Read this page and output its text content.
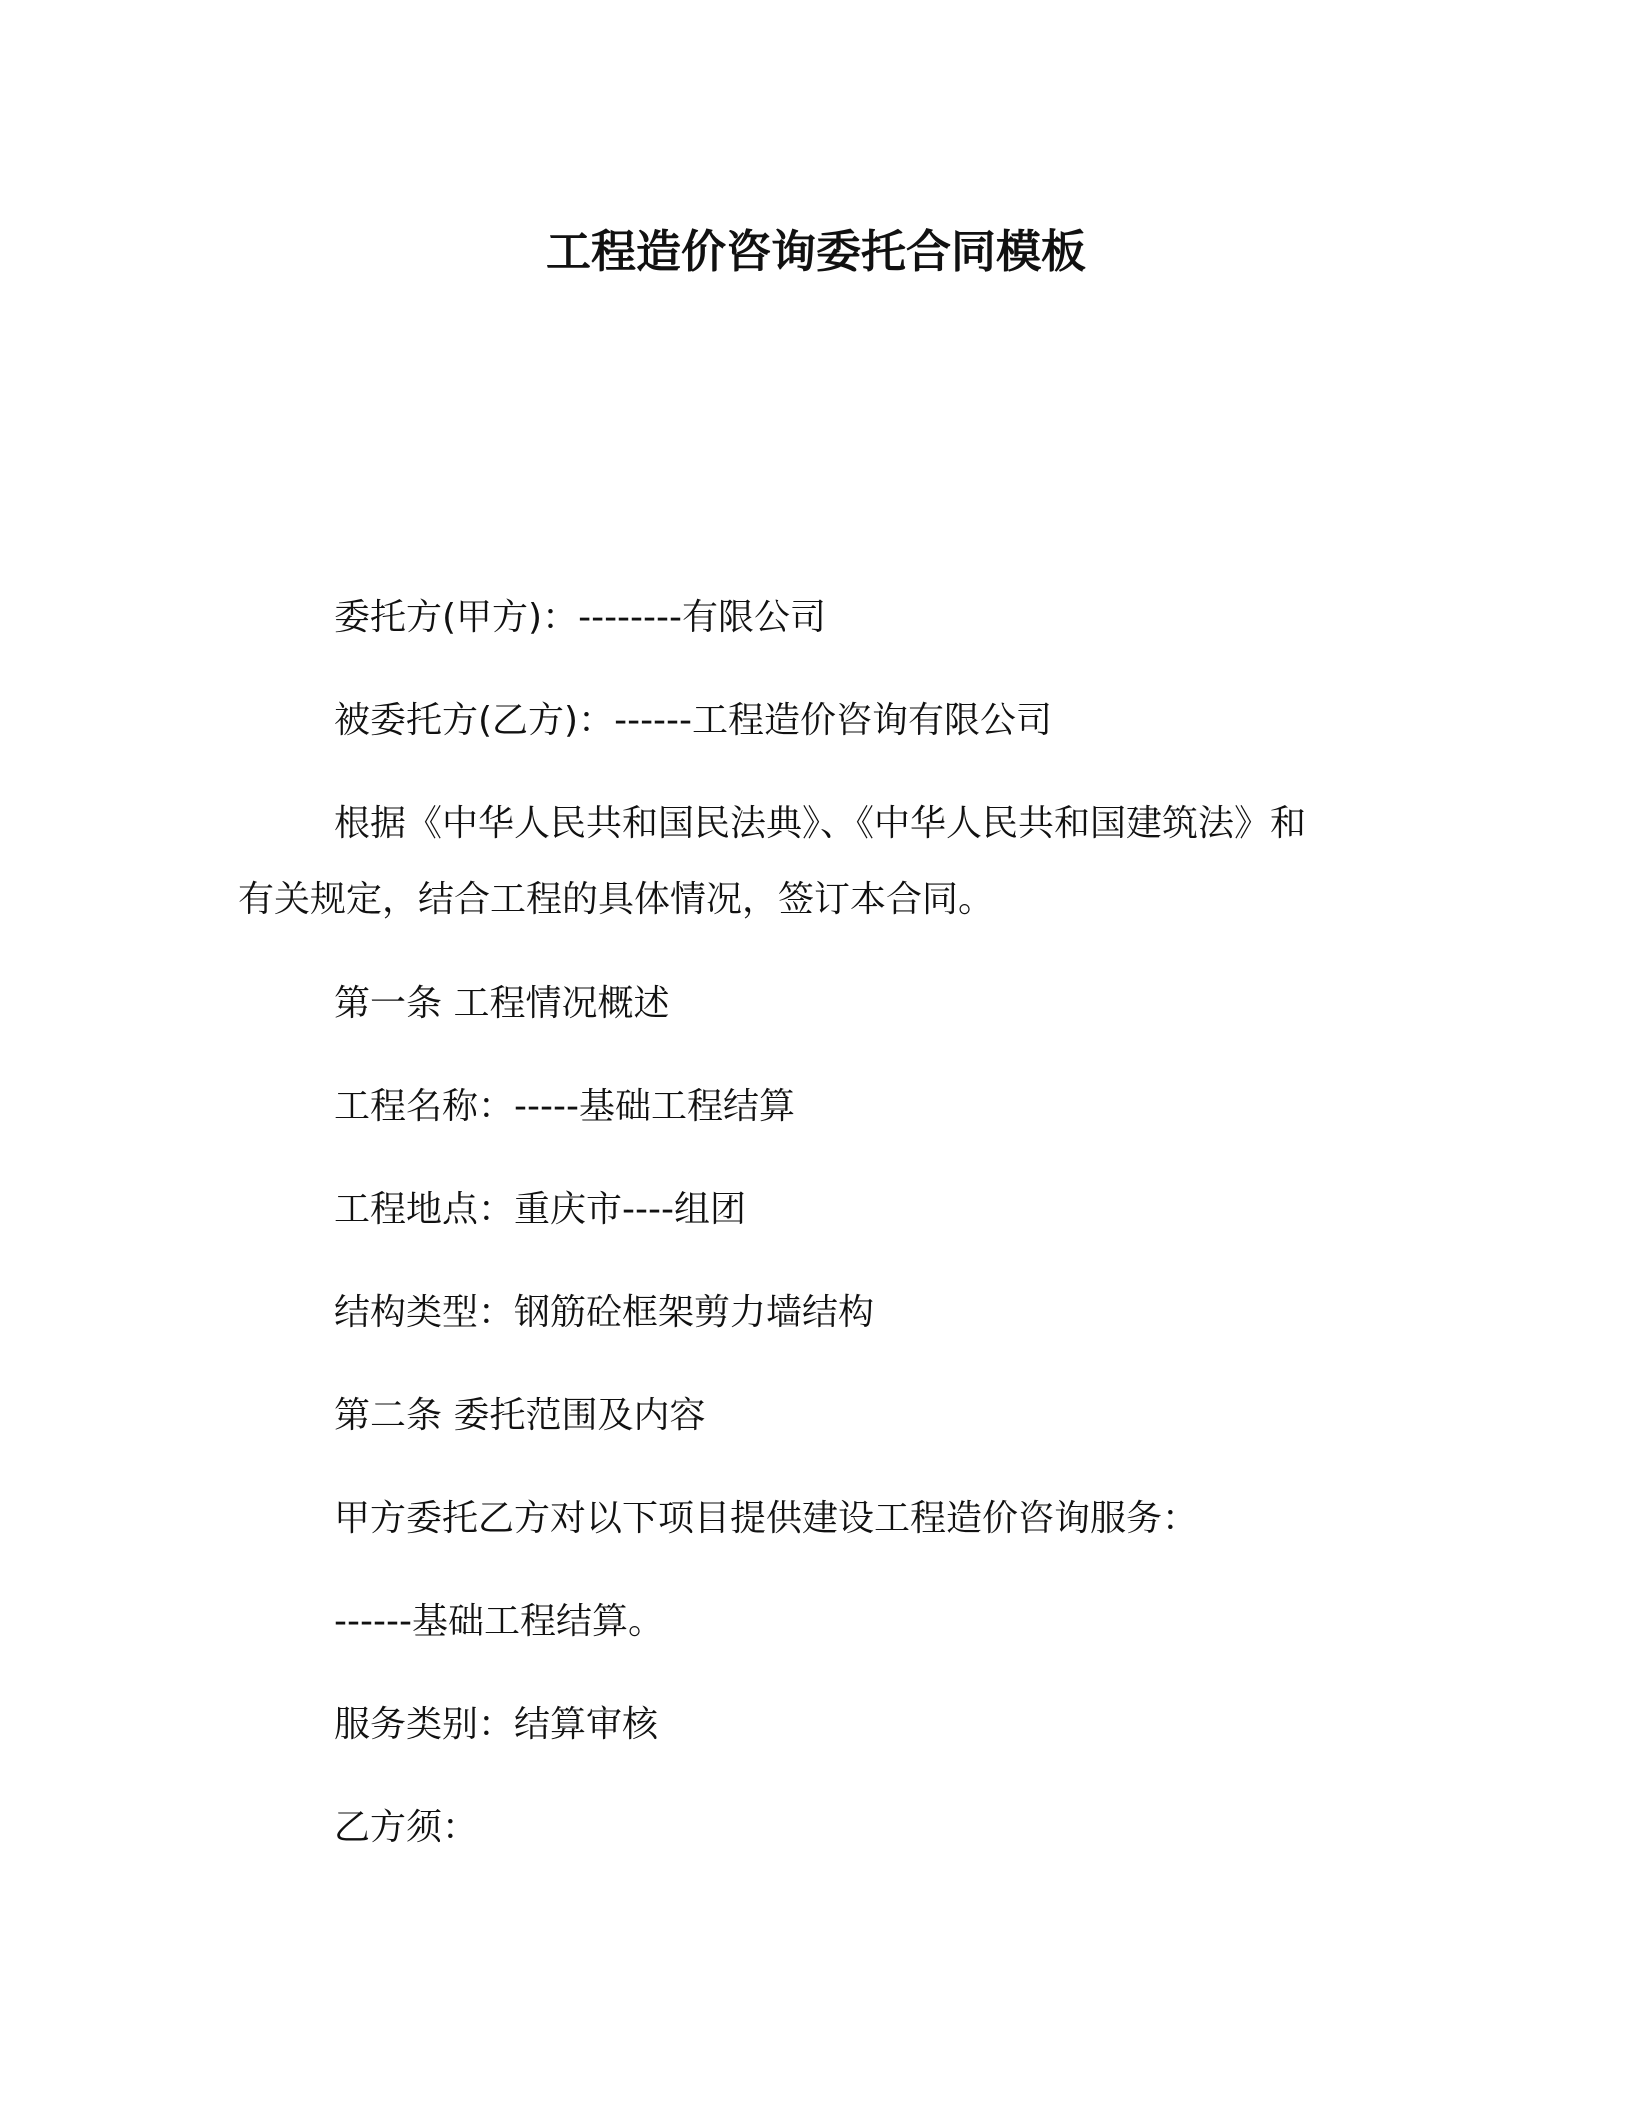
工程造价咨询委托合同模板

委托方(甲方)：--------有限公司

被委托方(乙方)：------工程造价咨询有限公司

根据《中华人民共和国民法典》、《中华人民共和国建筑法》和

有关规定，结合工程的具体情况，签订本合同。

第一条 工程情况概述

工程名称：-----基础工程结算

工程地点：重庆市----组团

结构类型：钢筋砼框架剪力墙结构

第二条 委托范围及内容

甲方委托乙方对以下项目提供建设工程造价咨询服务：

------基础工程结算。

服务类别：结算审核

乙方须：
